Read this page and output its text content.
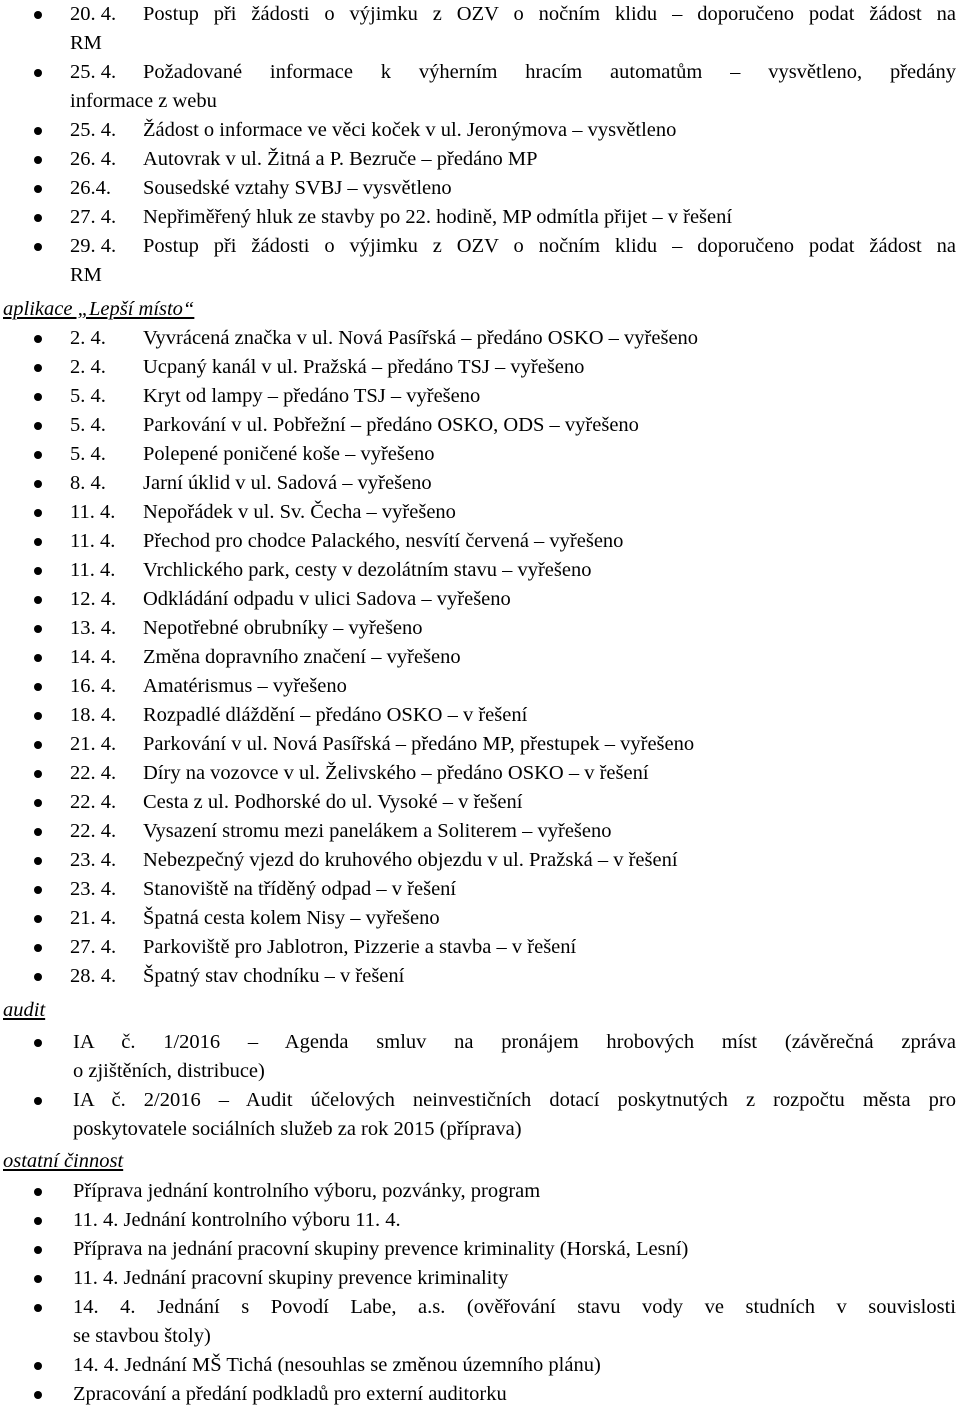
20. 4.	Postup při žádosti o výjimku z OZV o nočním klidu – doporučeno podat žádost na
RM
25. 4.	Požadované informace k výherním hracím automatům – vysvětleno, předány
informace z webu
25. 4.	Žádost o informace ve věci koček v ul. Jeronýmova – vysvětleno
26. 4.	Autovrak v ul. Žitná a P. Bezruče – předáno MP
26.4.	Sousedské vztahy SVBJ – vysvětleno
27. 4.	Nepřiměřený hluk ze stavby po 22. hodině, MP odmítla přijet – v řešení
29. 4.	Postup při žádosti o výjimku z OZV o nočním klidu – doporučeno podat žádost na
RM
aplikace „Lepší místo“
2. 4.	Vyvrácená značka v ul. Nová Pasířská – předáno OSKO – vyřešeno
2. 4.	Ucpaný kanál v ul. Pražská – předáno TSJ – vyřešeno
5. 4.	Kryt od lampy – předáno TSJ – vyřešeno
5. 4.	Parkování v ul. Pobřežní – předáno OSKO, ODS – vyřešeno
5. 4.	Polepené poničené koše – vyřešeno
8. 4.	Jarní úklid v ul. Sadová – vyřešeno
11. 4.	Nepořádek v ul. Sv. Čecha – vyřešeno
11. 4.	Přechod pro chodce Palackého, nesvítí červená – vyřešeno
11. 4.	Vrchlického park, cesty v dezolátním stavu – vyřešeno
12. 4.	Odkládání odpadu v ulici Sadova – vyřešeno
13. 4.	Nepotřebné obrubníky – vyřešeno
14. 4.	Změna dopravního značení – vyřešeno
16. 4.	Amatérismus – vyřešeno
18. 4.	Rozpadlé dláždění – předáno OSKO – v řešení
21. 4.	Parkování v ul. Nová Pasířská – předáno MP, přestupek – vyřešeno
22. 4.	Díry na vozovce v ul. Želivského – předáno OSKO – v řešení
22. 4.	Cesta z ul. Podhorské do ul. Vysoké – v řešení
22. 4.	Vysazení stromu mezi panelákem a Soliterem – vyřešeno
23. 4.	Nebezpečný vjezd do kruhového objezdu v ul. Pražská – v řešení
23. 4.	Stanoviště na tříděný odpad – v řešení
21. 4.	Špatná cesta kolem Nisy – vyřešeno
27. 4.	Parkoviště pro Jablotron, Pizzerie a stavba – v řešení
28. 4.	Špatný stav chodníku – v řešení
audit
IA č. 1/2016 – Agenda smluv na pronájem hrobových míst (závěrečná zpráva
o zjištěních, distribuce)
IA č. 2/2016 – Audit účelových neinvestičních dotací poskytnutých z rozpočtu města pro
poskytovatele sociálních služeb za rok 2015 (příprava)
ostatní činnost
Příprava jednání kontrolního výboru, pozvánky, program
11. 4. Jednání kontrolního výboru 11. 4.
Příprava na jednání pracovní skupiny prevence kriminality (Horská, Lesní)
11. 4. Jednání pracovní skupiny prevence kriminality
14. 4. Jednání s Povodí Labe, a.s. (ověřování stavu vody ve studních v souvislosti
se stavbou štoly)
14. 4. Jednání MŠ Tichá (nesouhlas se změnou územního plánu)
Zpracování a předání podkladů pro externí auditorku
